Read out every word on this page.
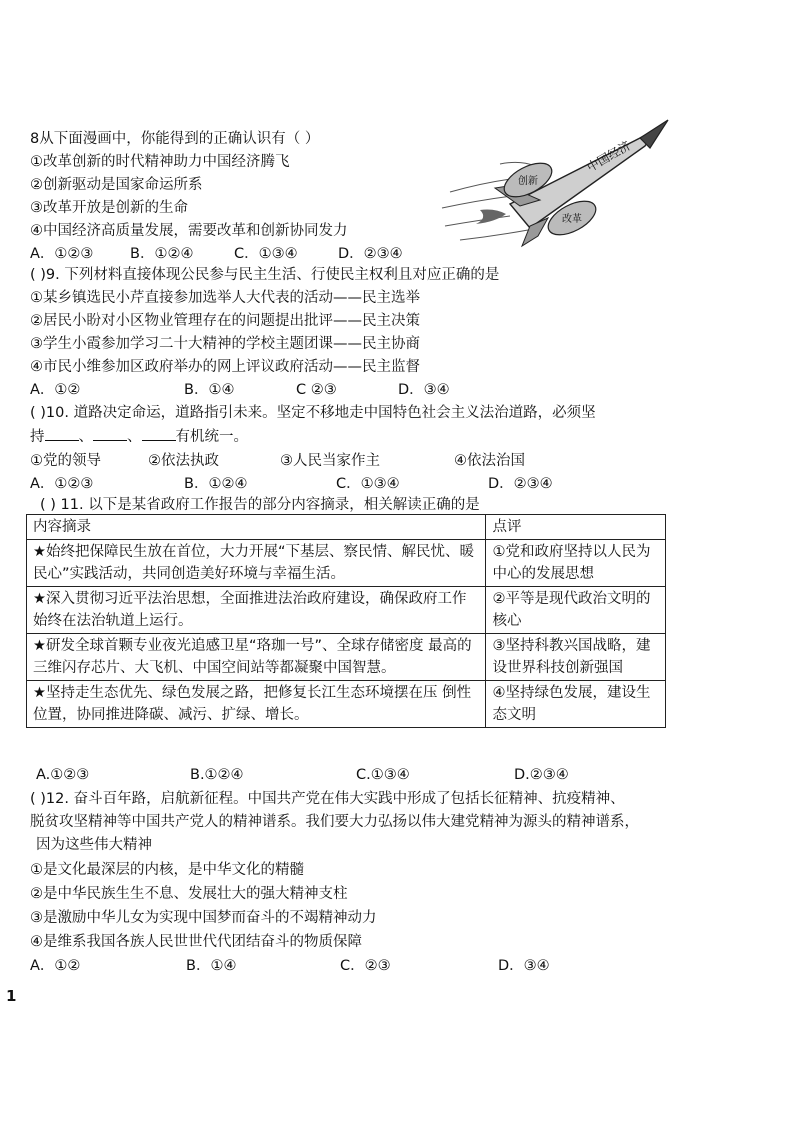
8从下面漫画中，你能得到的正确认识有（ ）
①改革创新的时代精神助力中国经济腾飞
②创新驱动是国家命运所系
③改革开放是创新的生命
④中国经济高质量发展，需要改革和创新协同发力
A．①②③	B．①②④	C．①③④	D．②③④
中国经济
创新
改革
( )9. 下列材料直接体现公民参与民主生活、行使民主权利且对应正确的是
①某乡镇选民小芹直接参加选举人大代表的活动——民主选举
②居民小盼对小区物业管理存在的问题提出批评——民主决策
③学生小霞参加学习二十大精神的学校主题团课——民主协商
④市民小维参加区政府举办的网上评议政府活动——民主监督
A．①②	B．①④	C ②③	D．③④
( )10. 道路决定命运，道路指引未来。坚定不移地走中国特色社会主义法治道路，必须坚
持 、 、 有机统一。
①党的领导	②依法执政	③人民当家作主	④依法治国
A．①②③	B．①②④	C．①③④	D．②③④
( ) 11. 以下是某省政府工作报告的部分内容摘录，相关解读正确的是
内容摘录	点评
★始终把保障民生放在首位，大力开展“下基层、察民情、解民忧、暖民心”实践活动，共同创造美好环境与幸福生活。	①党和政府坚持以人民为中心的发展思想
★深入贯彻习近平法治思想，全面推进法治政府建设，确保政府工作始终在法治轨道上运行。	②平等是现代政治文明的核心
★研发全球首颗专业夜光追感卫星“珞珈一号”、全球存储密度 最高的三维闪存芯片、大飞机、中国空间站等都凝聚中国智慧。	③坚持科教兴国战略，建设世界科技创新强国
★坚持走生态优先、绿色发展之路，把修复长江生态环境摆在压 倒性位置，协同推进降碳、减污、扩绿、增长。	④坚持绿色发展，建设生态文明
A.①②③	B.①②④	C.①③④	D.②③④
( )12. 奋斗百年路，启航新征程。中国共产党在伟大实践中形成了包括长征精神、抗疫精神、
脱贫攻坚精神等中国共产党人的精神谱系。我们要大力弘扬以伟大建党精神为源头的精神谱系，
因为这些伟大精神
①是文化最深层的内核，是中华文化的精髓
②是中华民族生生不息、发展壮大的强大精神支柱
③是激励中华儿女为实现中国梦而奋斗的不竭精神动力
④是维系我国各族人民世世代代团结奋斗的物质保障
A．①②	B．①④	C．②③	D．③④
1
